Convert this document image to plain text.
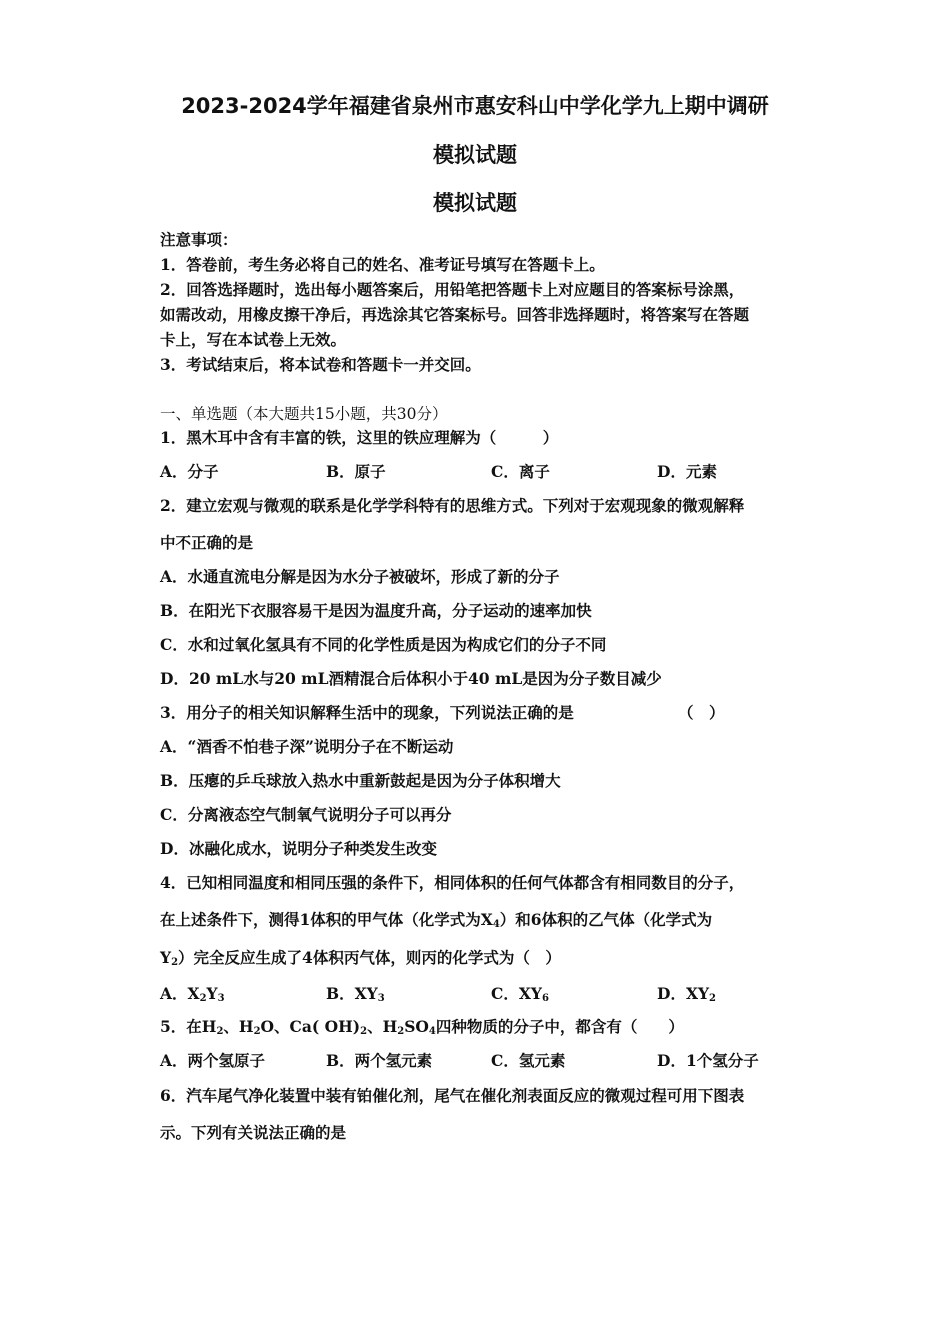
2023-2024学年福建省泉州市惠安科山中学化学九上期中调研
模拟试题
模拟试题
注意事项：
1．答卷前，考生务必将自己的姓名、准考证号填写在答题卡上。
2．回答选择题时，选出每小题答案后，用铅笔把答题卡上对应题目的答案标号涂黑，
如需改动，用橡皮擦干净后，再选涂其它答案标号。回答非选择题时，将答案写在答题
卡上，写在本试卷上无效。
3．考试结束后，将本试卷和答题卡一并交回。
一、单选题（本大题共15小题，共30分）
1．黑木耳中含有丰富的铁，这里的铁应理解为（　　　）
A．分子	B．原子	C．离子	D．元素
2．建立宏观与微观的联系是化学学科特有的思维方式。下列对于宏观现象的微观解释
中不正确的是
A．水通直流电分解是因为水分子被破坏，形成了新的分子
B．在阳光下衣服容易干是因为温度升高，分子运动的速率加快
C．水和过氧化氢具有不同的化学性质是因为构成它们的分子不同
D．20 mL水与20 mL酒精混合后体积小于40 mL是因为分子数目减少
3．用分子的相关知识解释生活中的现象，下列说法正确的是	（　）
A．“酒香不怕巷子深”说明分子在不断运动
B．压瘪的乒乓球放入热水中重新鼓起是因为分子体积增大
C．分离液态空气制氧气说明分子可以再分
D．冰融化成水，说明分子种类发生改变
4．已知相同温度和相同压强的条件下，相同体积的任何气体都含有相同数目的分子，
在上述条件下，测得1体积的甲气体（化学式为$X_4$）和6体积的乙气体（化学式为
$Y_2$）完全反应生成了4体积丙气体，则丙的化学式为（　）
A．$X_2Y_3$	B．$XY_3$	C．$XY_6$	D．$XY_2$
5．在$H_2$、$H_2O$、Ca( $OH)_2$、$H_2SO_4$四种物质的分子中，都含有（　　）
A．两个氢原子	B．两个氢元素	C．氢元素	D．1个氢分子
6．汽车尾气净化装置中装有铂催化剂，尾气在催化剂表面反应的微观过程可用下图表
示。下列有关说法正确的是
